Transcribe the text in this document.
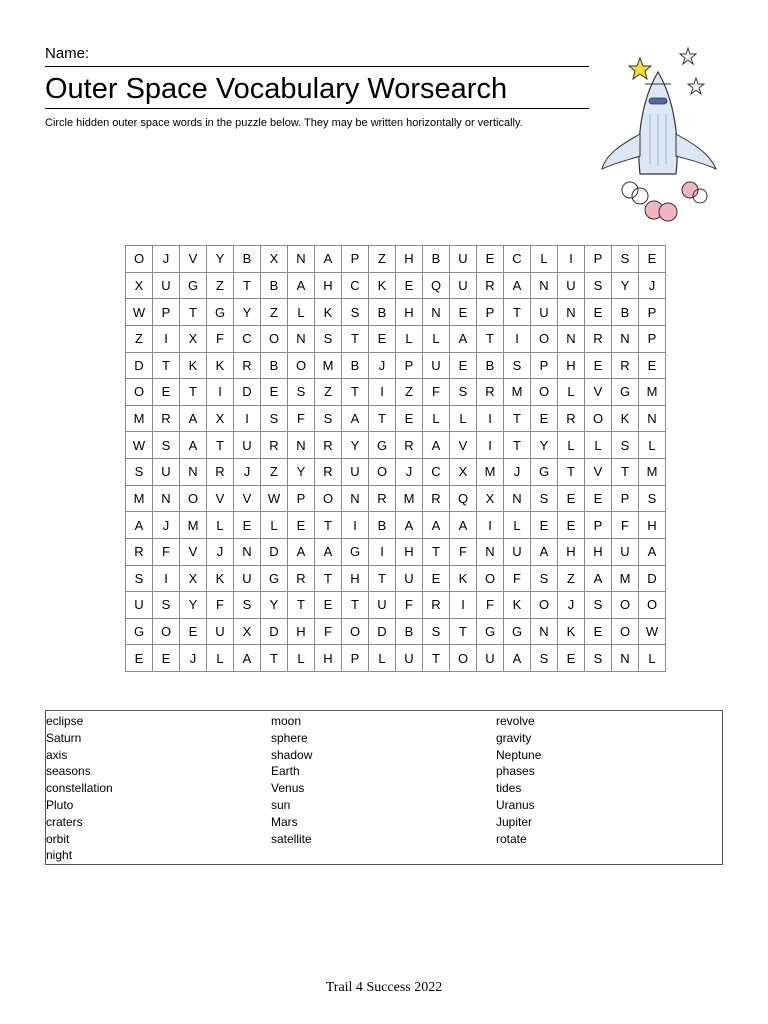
Name:
Outer Space Vocabulary Worsearch
Circle hidden outer space words in the puzzle below. They may be written horizontally or vertically.
O	J	V	Y	B	X	N	A	P	Z	H	B	U	E	C	L	I	P	S	E
X	U	G	Z	T	B	A	H	C	K	E	Q	U	R	A	N	U	S	Y	J
W	P	T	G	Y	Z	L	K	S	B	H	N	E	P	T	U	N	E	B	P
Z	I	X	F	C	O	N	S	T	E	L	L	A	T	I	O	N	R	N	P
D	T	K	K	R	B	O	M	B	J	P	U	E	B	S	P	H	E	R	E
O	E	T	I	D	E	S	Z	T	I	Z	F	S	R	M	O	L	V	G	M
M	R	A	X	I	S	F	S	A	T	E	L	L	I	T	E	R	O	K	N
W	S	A	T	U	R	N	R	Y	G	R	A	V	I	T	Y	L	L	S	L
S	U	N	R	J	Z	Y	R	U	O	J	C	X	M	J	G	T	V	T	M
M	N	O	V	V	W	P	O	N	R	M	R	Q	X	N	S	E	E	P	S
A	J	M	L	E	L	E	T	I	B	A	A	A	I	L	E	E	P	F	H
R	F	V	J	N	D	A	A	G	I	H	T	F	N	U	A	H	H	U	A
S	I	X	K	U	G	R	T	H	T	U	E	K	O	F	S	Z	A	M	D
U	S	Y	F	S	Y	T	E	T	U	F	R	I	F	K	O	J	S	O	O
G	O	E	U	X	D	H	F	O	D	B	S	T	G	G	N	K	E	O	W
E	E	J	L	A	T	L	H	P	L	U	T	O	U	A	S	E	S	N	L
eclipse
Saturn
axis
seasons
constellation
Pluto
craters
orbit
night
moon
sphere
shadow
Earth
Venus
sun
Mars
satellite
revolve
gravity
Neptune
phases
tides
Uranus
Jupiter
rotate
Trail 4 Success 2022
